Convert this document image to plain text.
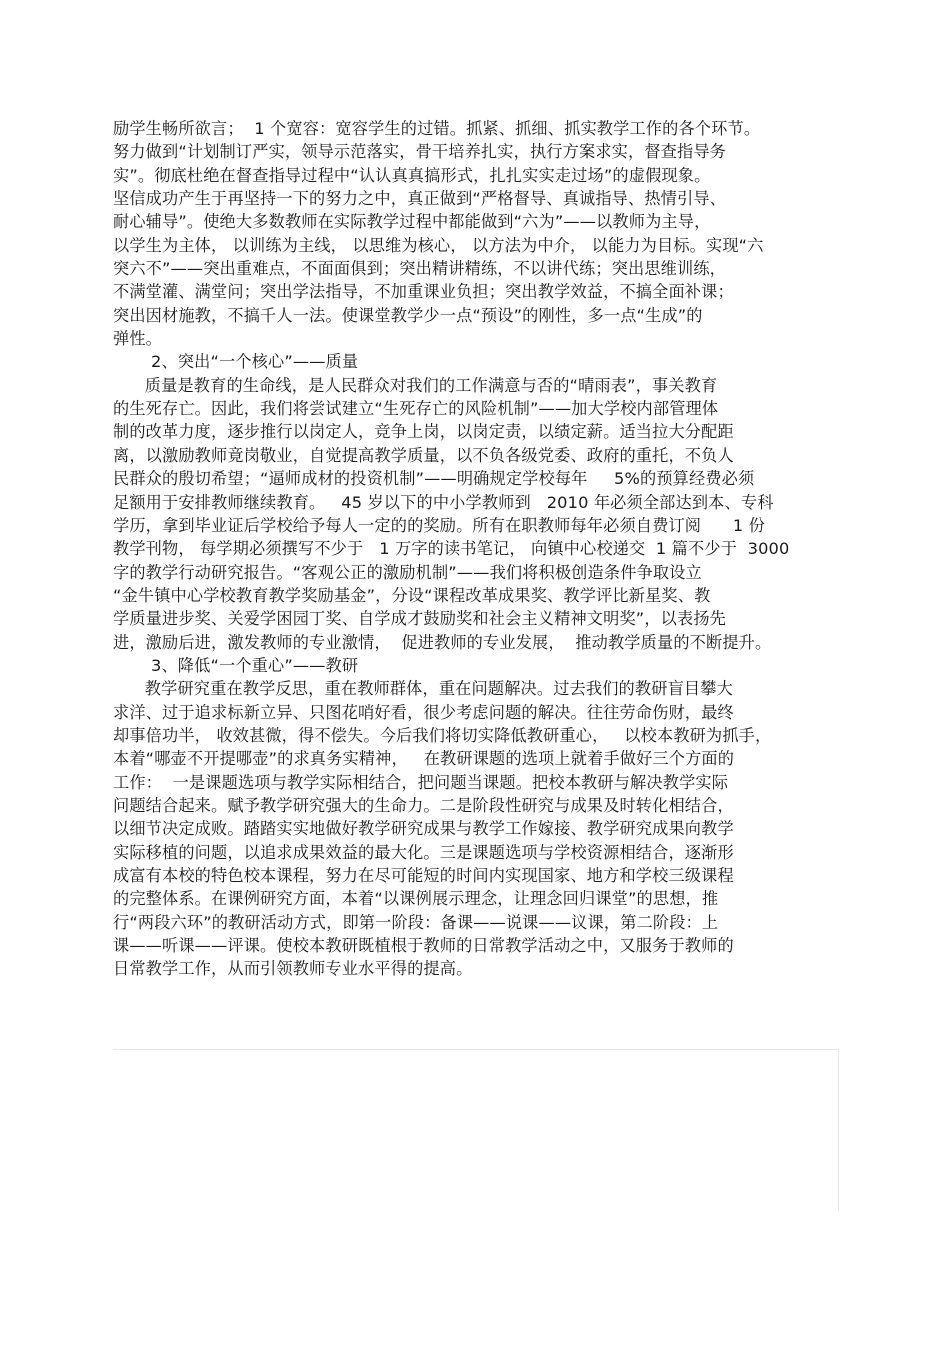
励学生畅所欲言；  1 个宽容：宽容学生的过错。抓紧、抓细、抓实教学工作的各个环节。
努力做到“计划制订严实，领导示范落实，骨干培养扎实，执行方案求实，督查指导务
实”。彻底杜绝在督查指导过程中“认认真真搞形式，扎扎实实走过场”的虚假现象。
坚信成功产生于再坚持一下的努力之中，真正做到“严格督导、真诚指导、热情引导、
耐心辅导”。使绝大多数教师在实际教学过程中都能做到“六为”——以教师为主导，
以学生为主体， 以训练为主线， 以思维为核心， 以方法为中介， 以能力为目标。实现“六
突六不”——突出重难点，不面面俱到；突出精讲精练，不以讲代练；突出思维训练，
不满堂灌、满堂问；突出学法指导，不加重课业负担；突出教学效益，不搞全面补课；
突出因材施教，不搞千人一法。使课堂教学少一点“预设”的刚性，多一点“生成”的
弹性。
2、突出“一个核心”——质量
质量是教育的生命线，是人民群众对我们的工作满意与否的“晴雨表”，事关教育
的生死存亡。因此，我们将尝试建立“生死存亡的风险机制”——加大学校内部管理体
制的改革力度，逐步推行以岗定人，竞争上岗，以岗定责，以绩定薪。适当拉大分配距
离，以激励教师竟岗敬业，自觉提高教学质量，以不负各级党委、政府的重托，不负人
民群众的殷切希望；“逼师成材的投资机制”——明确规定学校每年     5%的预算经费必须
足额用于安排教师继续教育。   45 岁以下的中小学教师到   2010 年必须全部达到本、专科
学历，拿到毕业证后学校给予每人一定的的奖励。所有在职教师每年必须自费订阅      1 份
教学刊物， 每学期必须撰写不少于   1 万字的读书笔记， 向镇中心校递交  1 篇不少于  3000
字的教学行动研究报告。“客观公正的激励机制”——我们将积极创造条件争取设立
“金牛镇中心学校教育教学奖励基金”，分设“课程改革成果奖、教学评比新星奖、教
学质量进步奖、关爱学困园丁奖、自学成才鼓励奖和社会主义精神文明奖”，以表扬先
进，激励后进，激发教师的专业激情，  促进教师的专业发展，  推动教学质量的不断提升。
3、降低“一个重心”——教研
教学研究重在教学反思，重在教师群体，重在问题解决。过去我们的教研盲目攀大
求洋、过于追求标新立异、只图花哨好看，很少考虑问题的解决。往往劳命伤财，最终
却事倍功半， 收效甚微，得不偿失。今后我们将切实降低教研重心，   以校本教研为抓手，
本着“哪壶不开提哪壶”的求真务实精神，   在教研课题的选项上就着手做好三个方面的
工作：  一是课题选项与教学实际相结合，把问题当课题。把校本教研与解决教学实际
问题结合起来。赋予教学研究强大的生命力。二是阶段性研究与成果及时转化相结合，
以细节决定成败。踏踏实实地做好教学研究成果与教学工作嫁接、教学研究成果向教学
实际移植的问题，以追求成果效益的最大化。三是课题选项与学校资源相结合，逐渐形
成富有本校的特色校本课程，努力在尽可能短的时间内实现国家、地方和学校三级课程
的完整体系。在课例研究方面，本着“以课例展示理念，让理念回归课堂”的思想，推
行“两段六环”的教研活动方式，即第一阶段：备课——说课——议课，第二阶段：上
课——听课——评课。使校本教研既植根于教师的日常教学活动之中，又服务于教师的
日常教学工作，从而引领教师专业水平得的提高。
